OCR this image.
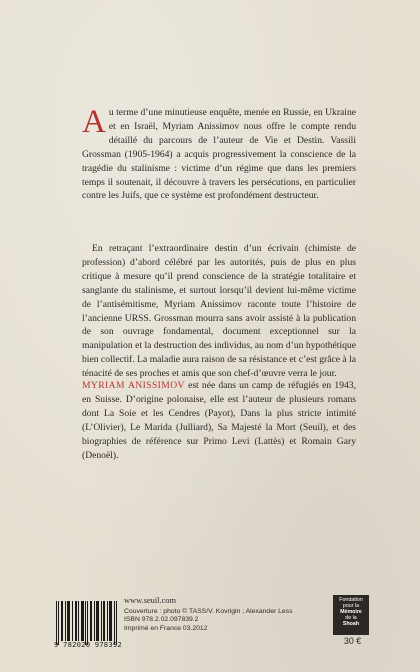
Au terme d’une minutieuse enquête, menée en Russie, en Ukraine et en Israël, Myriam Anissimov nous offre le compte rendu détaillé du parcours de l’auteur de Vie et Destin. Vassili Grossman (1905-1964) a acquis progressivement la conscience de la tragédie du stalinisme : victime d’un régime que dans les premiers temps il soutenait, il découvre à travers les persécutions, en particulier contre les Juifs, que ce système est profondément destructeur.

En retraçant l’extraordinaire destin d’un écrivain (chimiste de profession) d’abord célébré par les autorités, puis de plus en plus critique à mesure qu’il prend conscience de la stratégie totalitaire et sanglante du stalinisme, et surtout lorsqu’il devient lui-même victime de l’antisémitisme, Myriam Anissimov raconte toute l’histoire de l’ancienne URSS. Grossman mourra sans avoir assisté à la publication de son ouvrage fondamental, document exceptionnel sur la manipulation et la destruction des individus, au nom d’un hypothétique bien collectif. La maladie aura raison de sa résistance et c’est grâce à la ténacité de ses proches et amis que son chef-d’œuvre verra le jour.

MYRIAM ANISSIMOV est née dans un camp de réfugiés en 1943, en Suisse. D’origine polonaise, elle est l’auteur de plusieurs romans dont La Soie et les Cendres (Payot), Dans la plus stricte intimité (L’Olivier), Le Marida (Julliard), Sa Majesté la Mort (Seuil), et des biographies de référence sur Primo Levi (Lattès) et Romain Gary (Denoël).

9 782020 978392
www.seuil.com
Couverture : photo © TASS/V. Kovrigin ; Alexander Less
ISBN 978.2.02.097839.2
Imprimé en France 03.2012
Fondation
pour la

Mémoire
de la
Shoah
30 €
